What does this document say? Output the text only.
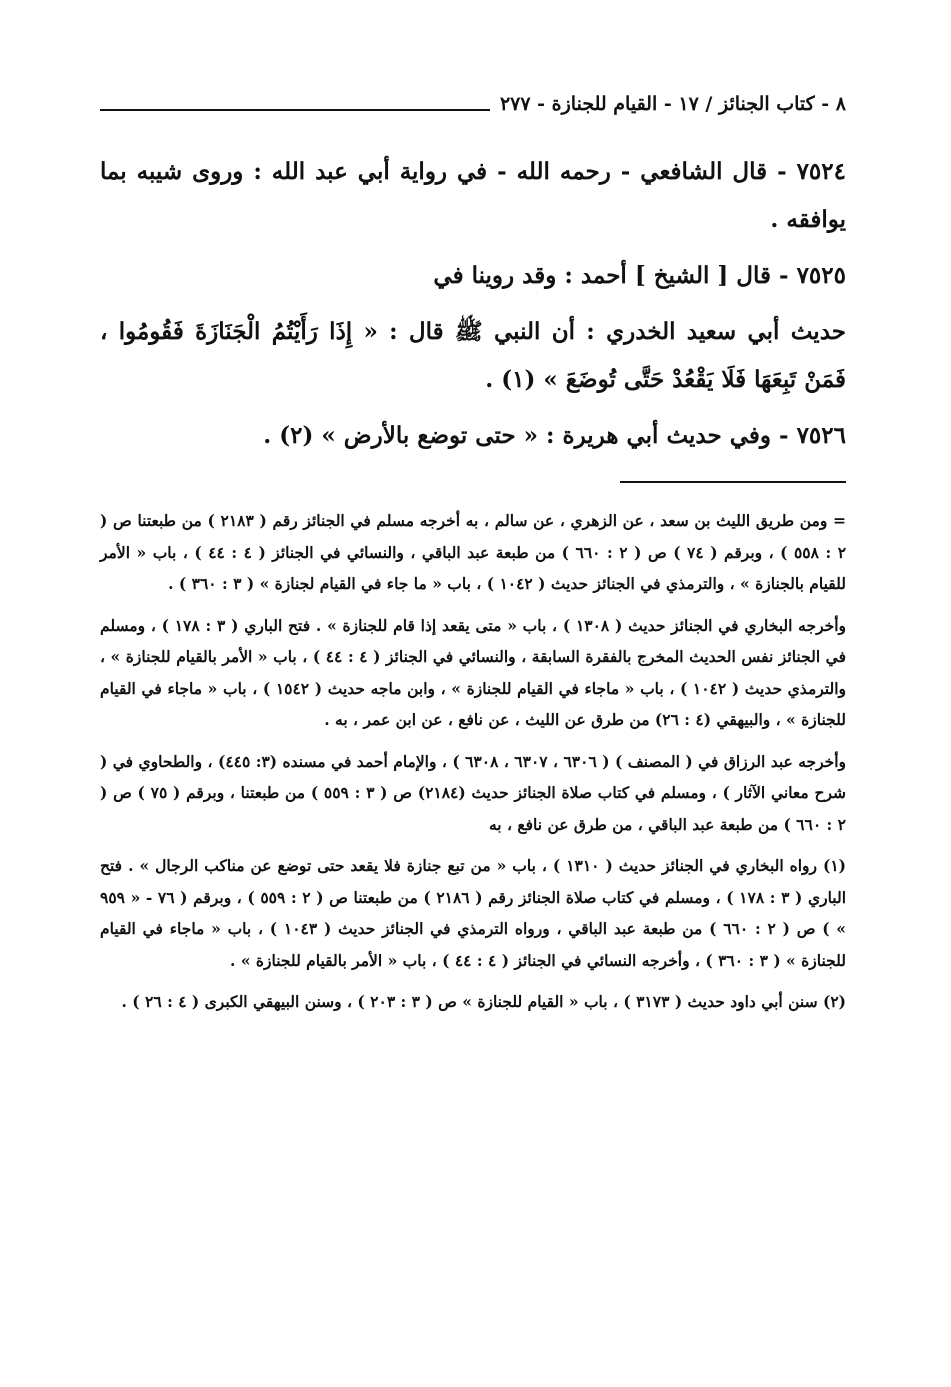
٨ - كتاب الجنائز / ١٧ - القيام للجنازة - ٢٧٧

٧٥٢٤ - قال الشافعي - رحمه الله - في رواية أبي عبد الله : وروى شيبه بما يوافقه .

٧٥٢٥ - قال [ الشيخ ] أحمد : وقد روينا في

حديث أبي سعيد الخدري : أن النبي ﷺ قال : « إِذَا رَأَيْتُمُ الْجَنَازَةَ فَقُومُوا ، فَمَنْ تَبِعَهَا فَلَا يَقْعُدْ حَتَّى تُوضَعَ » (١) .

٧٥٢٦ - وفي حديث أبي هريرة : « حتى توضع بالأرض » (٢) .

= ومن طريق الليث بن سعد ، عن الزهري ، عن سالم ، به أخرجه مسلم في الجنائز رقم ( ٢١٨٣ ) من طبعتنا ص ( ٢ : ٥٥٨ ) ، وبرقم ( ٧٤ ) ص ( ٢ : ٦٦٠ ) من طبعة عبد الباقي ، والنسائي في الجنائز ( ٤ : ٤٤ ) ، باب « الأمر للقيام بالجنازة » ، والترمذي في الجنائز حديث ( ١٠٤٢ ) ، باب « ما جاء في القيام لجنازة » ( ٣ : ٣٦٠ ) .

وأخرجه البخاري في الجنائز حديث ( ١٣٠٨ ) ، باب « متى يقعد إذا قام للجنازة » . فتح الباري ( ٣ : ١٧٨ ) ، ومسلم في الجنائز نفس الحديث المخرج بالفقرة السابقة ، والنسائي في الجنائز ( ٤ : ٤٤ ) ، باب « الأمر بالقيام للجنازة » ، والترمذي حديث ( ١٠٤٢ ) ، باب « ماجاء في القيام للجنازة » ، وابن ماجه حديث ( ١٥٤٢ ) ، باب « ماجاء في القيام للجنازة » ، والبيهقي (٤ : ٢٦) من طرق عن الليث ، عن نافع ، عن ابن عمر ، به .

وأخرجه عبد الرزاق في ( المصنف ) ( ٦٣٠٦ ، ٦٣٠٧ ، ٦٣٠٨ ) ، والإمام أحمد في مسنده (٣: ٤٤٥) ، والطحاوي في ( شرح معاني الآثار ) ، ومسلم في كتاب صلاة الجنائز حديث (٢١٨٤) ص ( ٣ : ٥٥٩ ) من طبعتنا ، وبرقم ( ٧٥ ) ص ( ٢ : ٦٦٠ ) من طبعة عبد الباقي ، من طرق عن نافع ، به

(١) رواه البخاري في الجنائز حديث ( ١٣١٠ ) ، باب « من تبع جنازة فلا يقعد حتى توضع عن مناكب الرجال » . فتح الباري ( ٣ : ١٧٨ ) ، ومسلم في كتاب صلاة الجنائز رقم ( ٢١٨٦ ) من طبعتنا ص ( ٢ : ٥٥٩ ) ، وبرقم ( ٧٦ - « ٩٥٩ » ) ص ( ٢ : ٦٦٠ ) من طبعة عبد الباقي ، ورواه الترمذي في الجنائز حديث ( ١٠٤٣ ) ، باب « ماجاء في القيام للجنازة » ( ٣ : ٣٦٠ ) ، وأخرجه النسائي في الجنائز ( ٤ : ٤٤ ) ، باب « الأمر بالقيام للجنازة » .

(٢) سنن أبي داود حديث ( ٣١٧٣ ) ، باب « القيام للجنازة » ص ( ٣ : ٢٠٣ ) ، وسنن البيهقي الكبرى ( ٤ : ٢٦ ) .
